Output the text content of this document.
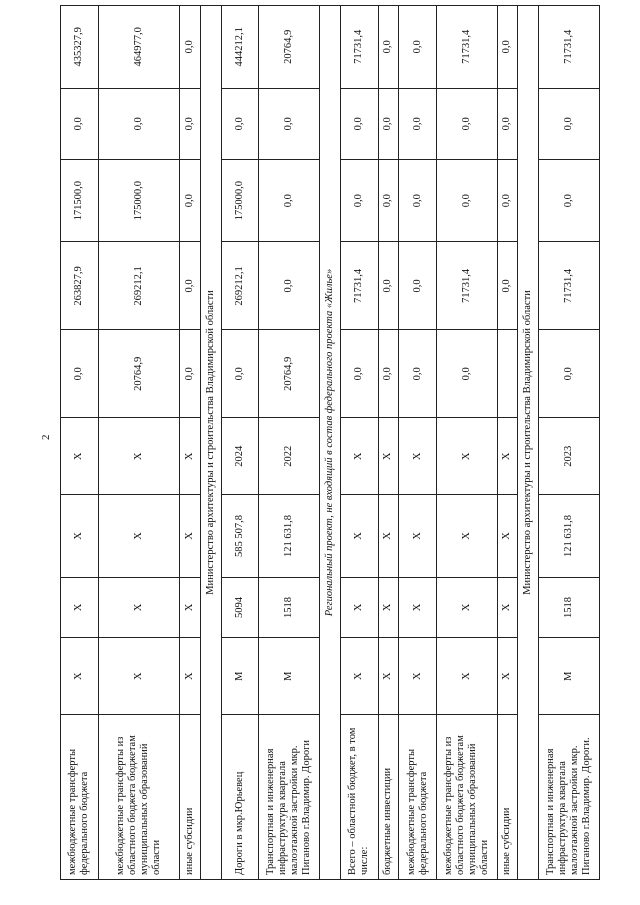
2
межбюджетные трансферты федерального бюджета	X	X	X	X	0,0	263827,9	171500,0	0,0	435327,9
межбюджетные трансферты из областного бюджета бюджетам муниципальных образований области	X	X	X	X	20764,9	269212,1	175000,0	0,0	464977,0
иные субсидии	X	X	X	X	0,0	0,0	0,0	0,0	0,0
Министерство архитектуры и строительства Владимирской области									
Дороги в мкр.Юрьевец	М	5094	585 507,8	2024	0,0	269212,1	175000,0	0,0	444212,1
Транспортная и инженерная инфраструктура квартала малоэтажной застройки мкр. Пиганово г.Владимир. Дороги	М	1518	121 631,8	2022	20764,9	0,0	0,0	0,0	20764,9
Региональный проект, не входящий в состав федерального проекта «Жилье»									
Всего – областной бюджет, в том числе:	X	X	X	X	0,0	71731,4	0,0	0,0	71731,4
бюджетные инвестиции	X	X	X	X	0,0	0,0	0,0	0,0	0,0
межбюджетные трансферты федерального бюджета	X	X	X	X	0,0	0,0	0,0	0,0	0,0
межбюджетные трансферты из областного бюджета бюджетам муниципальных образований области	X	X	X	X	0,0	71731,4	0,0	0,0	71731,4
иные субсидии	X	X	X	X		0,0	0,0	0,0	0,0
Министерство архитектуры и строительства Владимирской области									
Транспортная и инженерная инфраструктура квартала малоэтажной застройки мкр. Пиганово г.Владимир. Дороги.	М	1518	121 631,8	2023	0,0	71731,4	0,0	0,0	71731,4
